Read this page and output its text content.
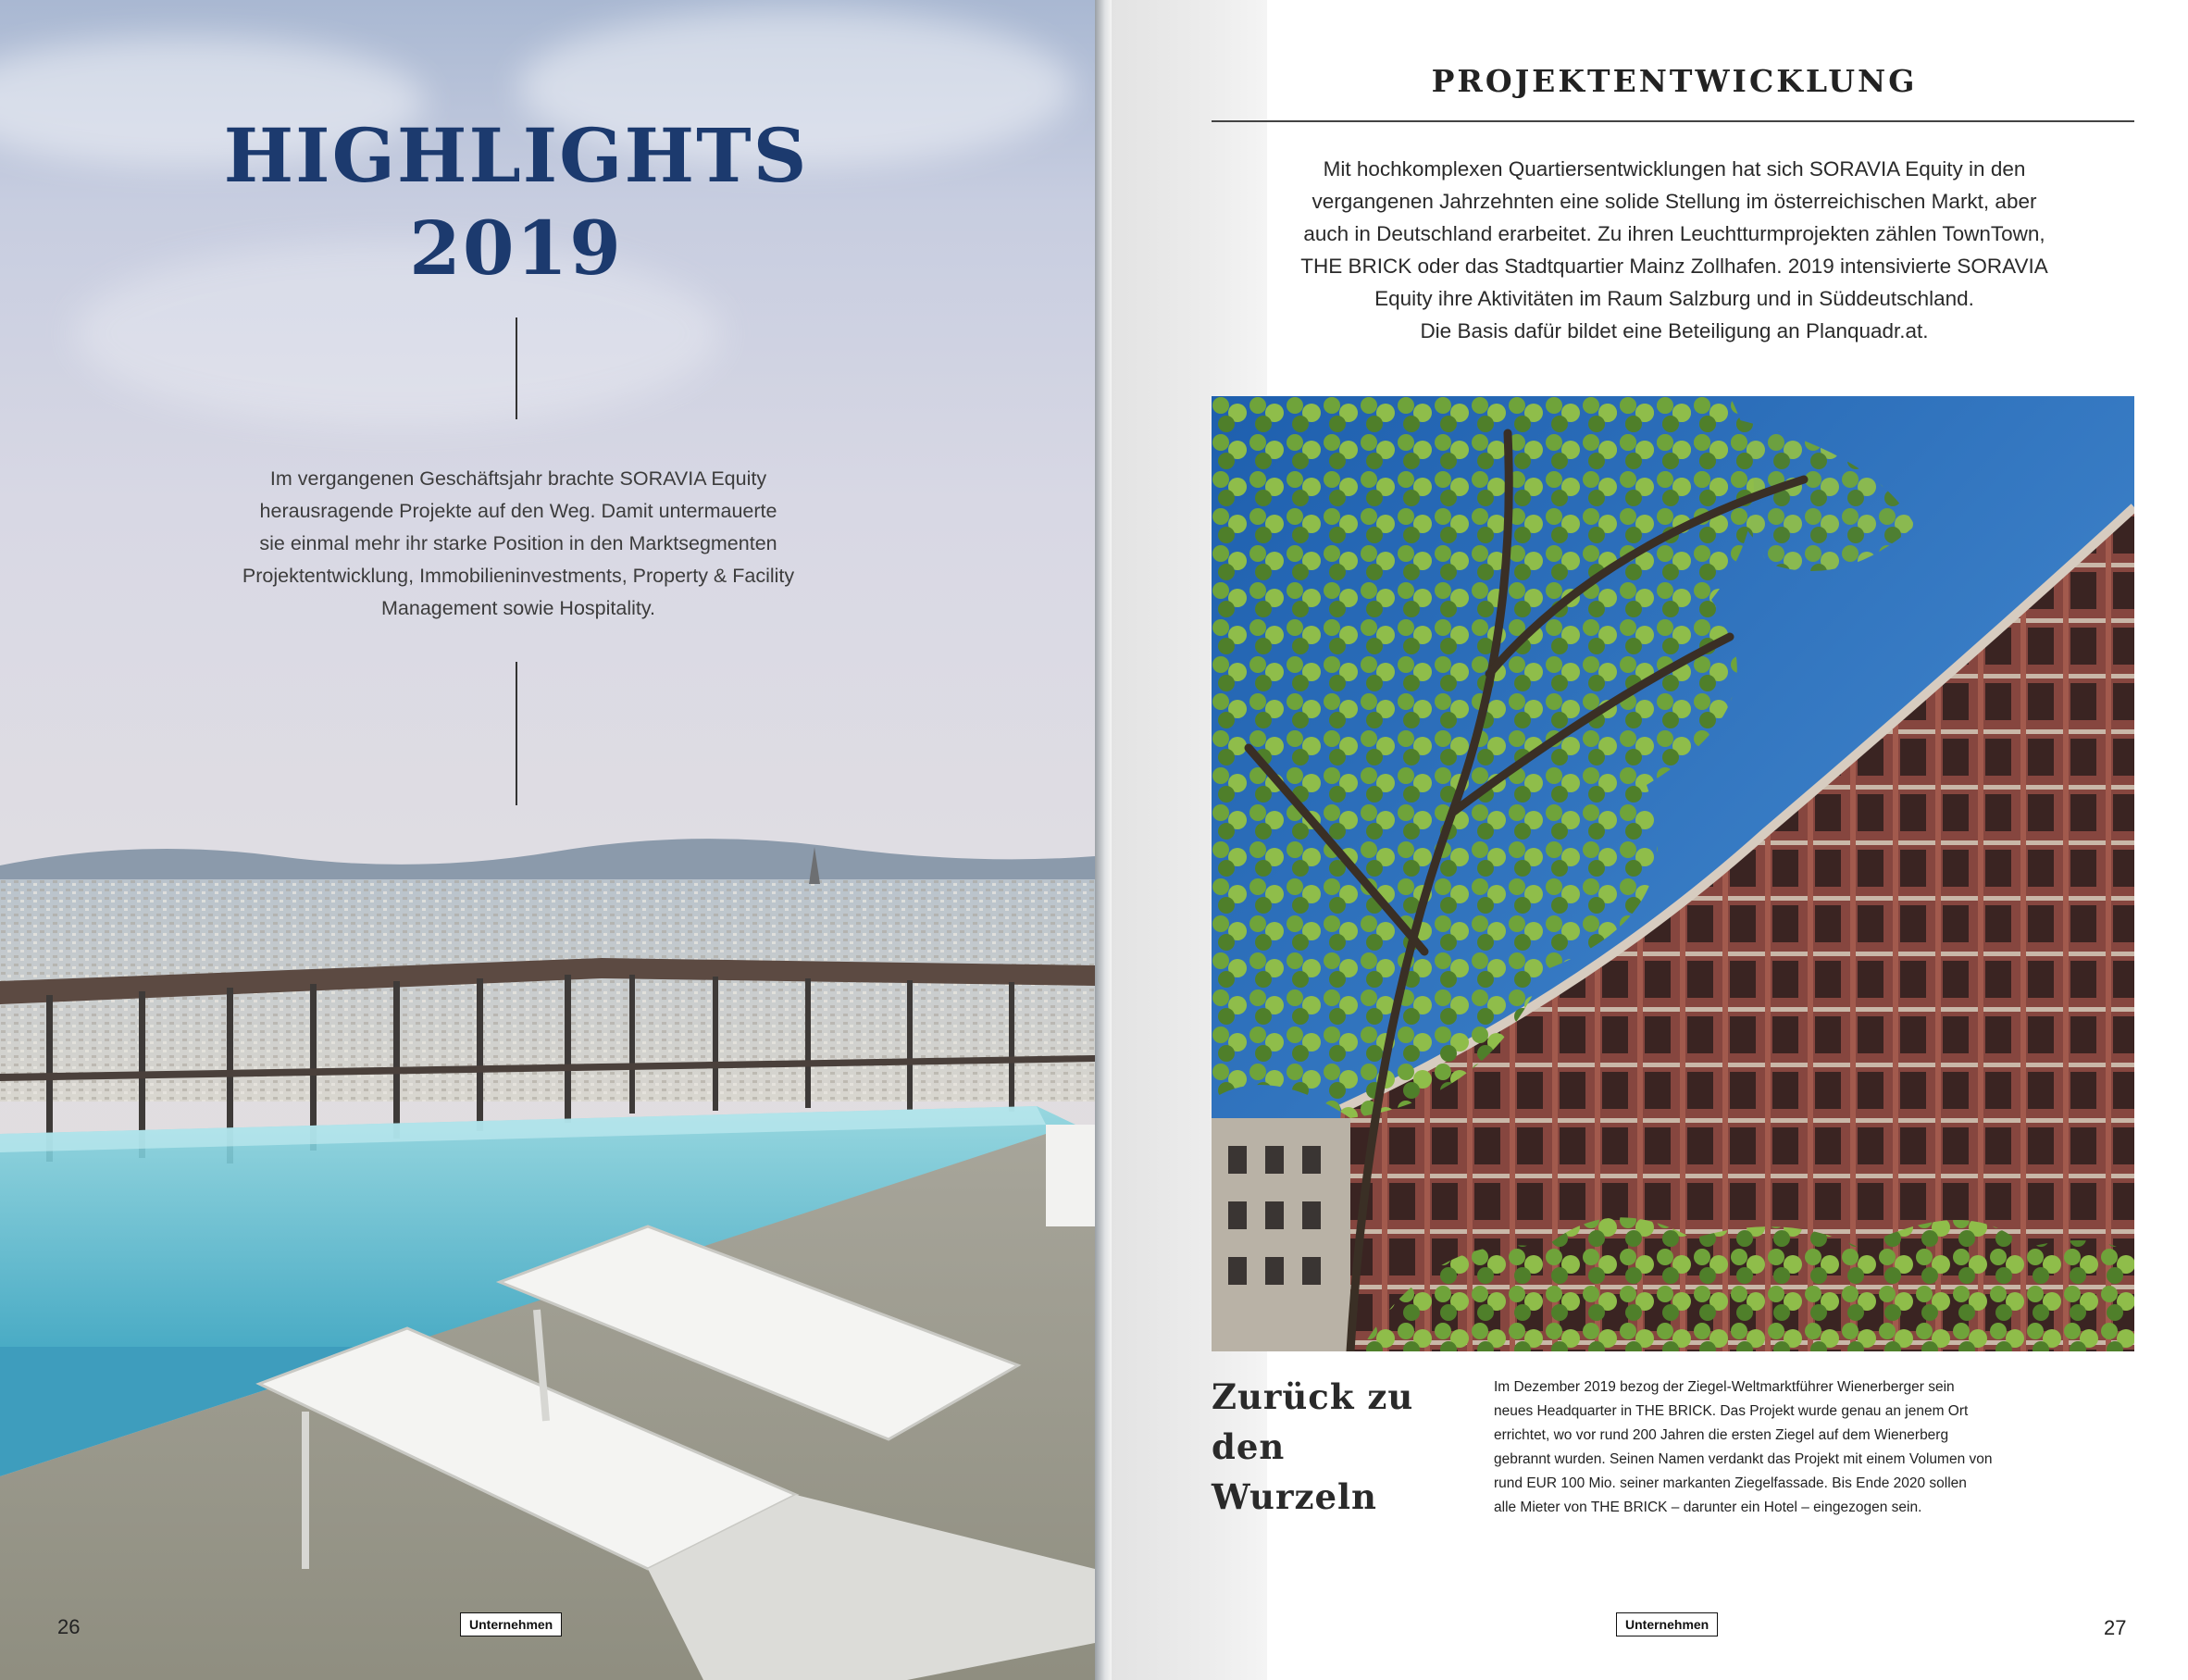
HIGHLIGHTS
2019
Im vergangenen Geschäftsjahr brachte SORAVIA Equity
herausragende Projekte auf den Weg. Damit untermauerte
sie einmal mehr ihr starke Position in den Marktsegmenten
Projektentwicklung, Immobilieninvestments, Property & Facility
Management sowie Hospitality.
26	Unternehmen
PROJEKTENTWICKLUNG
Mit hochkomplexen Quartiersentwicklungen hat sich SORAVIA Equity in den
vergangenen Jahrzehnten eine solide Stellung im österreichischen Markt, aber
auch in Deutschland erarbeitet. Zu ihren Leuchtturmprojekten zählen TownTown,
THE BRICK oder das Stadtquartier Mainz Zollhafen. 2019 intensivierte SORAVIA
Equity ihre Aktivitäten im Raum Salzburg und in Süddeutschland.
Die Basis dafür bildet eine Beteiligung an Planquadr.at.
Zurück zu
den Wurzeln
Im Dezember 2019 bezog der Ziegel-Weltmarktführer Wienerberger sein
neues Headquarter in THE BRICK. Das Projekt wurde genau an jenem Ort
errichtet, wo vor rund 200 Jahren die ersten Ziegel auf dem Wienerberg
gebrannt wurden. Seinen Namen verdankt das Projekt mit einem Volumen von
rund EUR 100 Mio. seiner markanten Ziegelfassade. Bis Ende 2020 sollen
alle Mieter von THE BRICK – darunter ein Hotel – eingezogen sein.
Unternehmen	27
